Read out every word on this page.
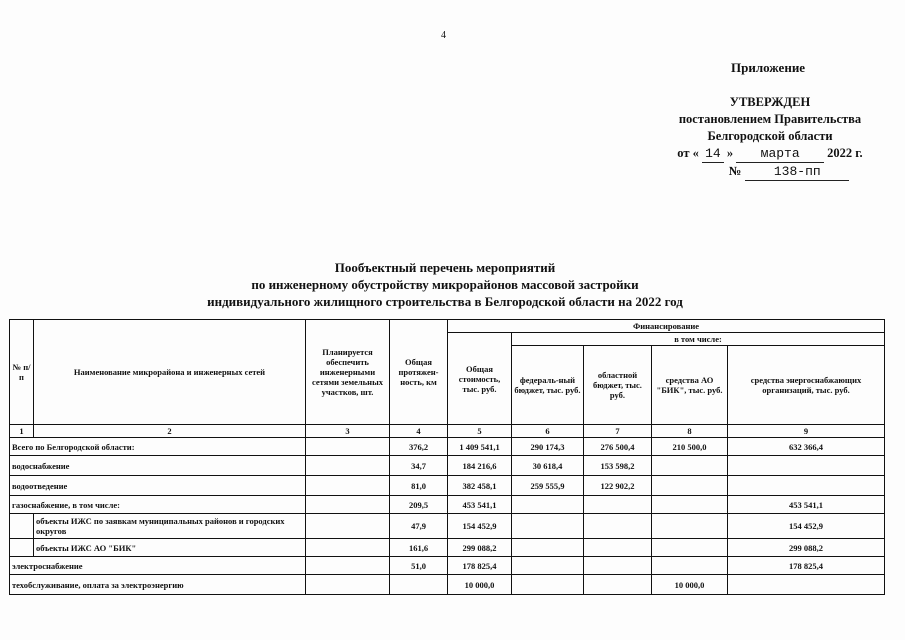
4
Приложение
УТВЕРЖДЕН
постановлением Правительства
Белгородской области
от « 14 »	марта	2022 г.
№	138-пп
Пообъектный перечень мероприятий
по инженерному обустройству микрорайонов массовой застройки
индивидуального жилищного строительства в Белгородской области на 2022 год
№ п/п	Наименование микрорайона и инженерных сетей	Планируется обеспечить инженерными сетями земельных участков, шт.	Общая протяжен-ность, км	Финансирование				
				Общая стоимость, тыс. руб.	в том числе:			
					федераль-ный бюджет, тыс. руб.	областной бюджет, тыс. руб.	средства АО "БИК", тыс. руб.	средства энергоснабжающих организаций, тыс. руб.
1	2	3	4	5	6	7	8	9
Всего по Белгородской области:			376,2	1 409 541,1	290 174,3	276 500,4	210 500,0	632 366,4
водоснабжение			34,7	184 216,6	30 618,4	153 598,2		
водоотведение			81,0	382 458,1	259 555,9	122 902,2		
газоснабжение, в том числе:			209,5	453 541,1				453 541,1
	объекты ИЖС по заявкам муниципальных районов и городских округов		47,9	154 452,9				154 452,9
	объекты ИЖС АО "БИК"		161,6	299 088,2				299 088,2
электроснабжение			51,0	178 825,4				178 825,4
техобслуживание, оплата за электроэнергию				10 000,0			10 000,0	
